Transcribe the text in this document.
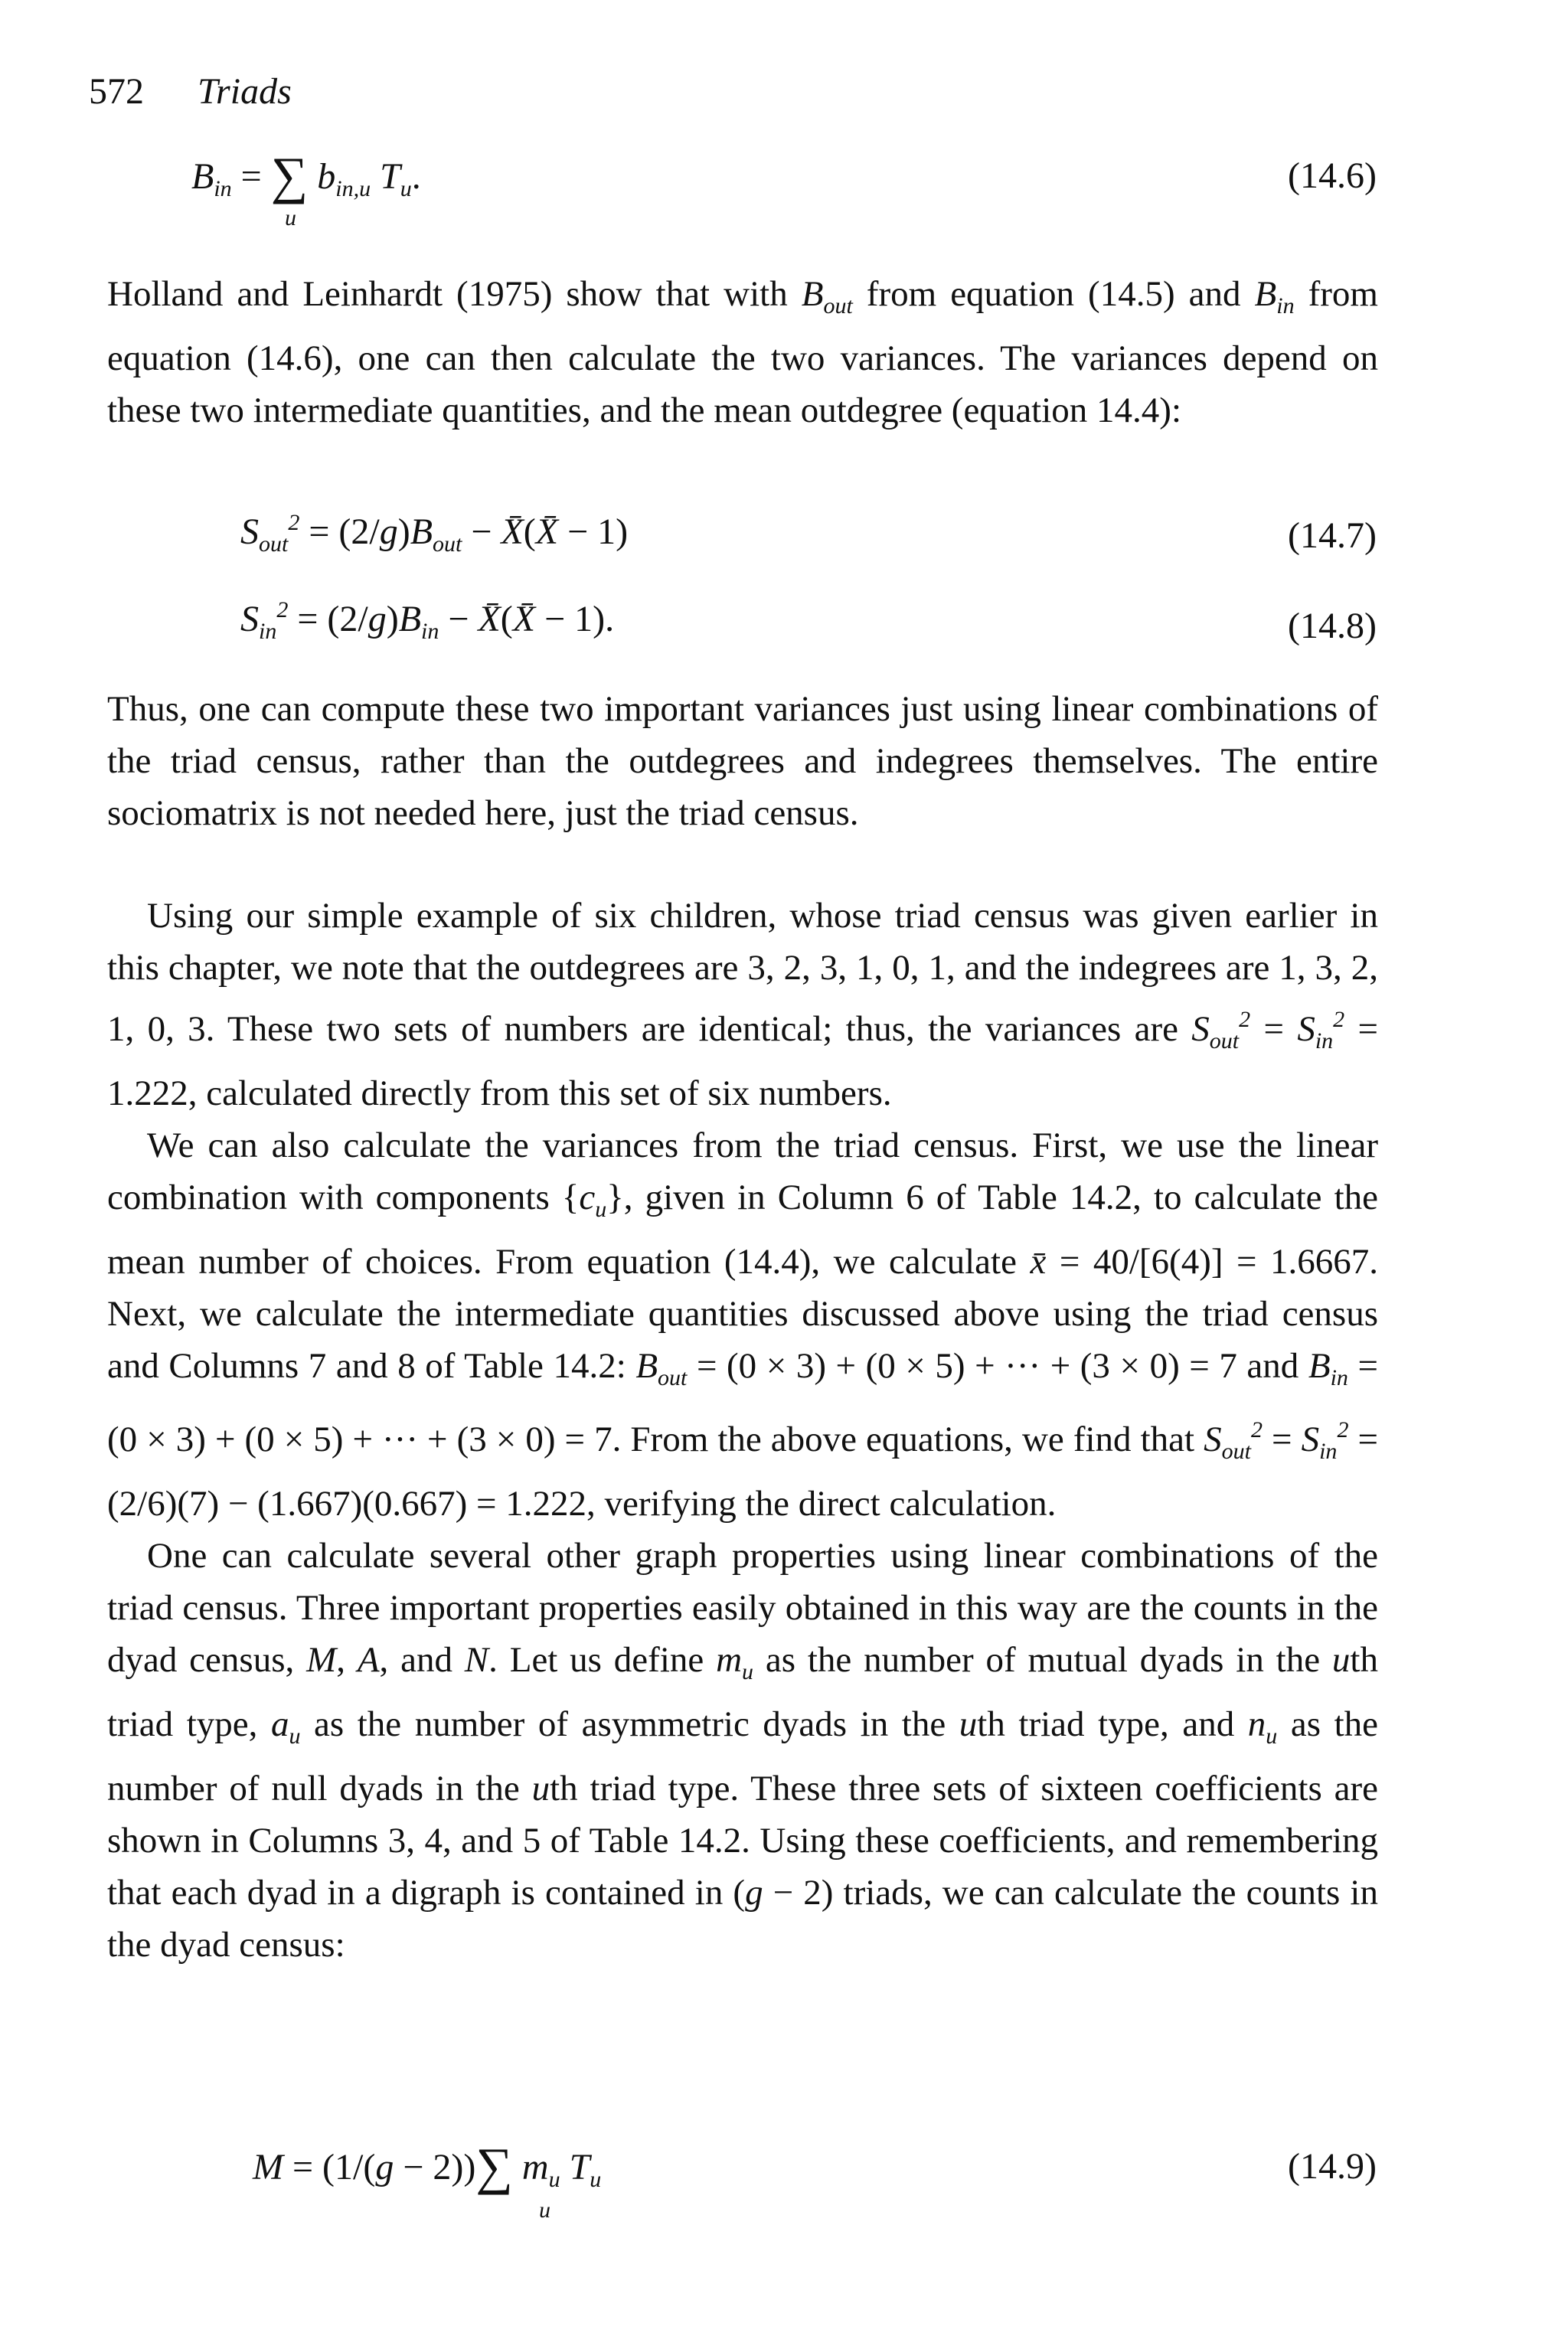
572 Triads
$B_{in}$ = ∑ $b_{in,u}$ $T_u$.
u
(14.6)

Holland and Leinhardt (1975) show that with $B_{out}$ from equation (14.5) and $B_{in}$ from equation (14.6), one can then calculate the two variances. The variances depend on these two intermediate quantities, and the mean outdegree (equation 14.4):

$S_{out}^2 = (2/g)B_{out}$ − X̄(X̄ − 1)	(14.7)
$S_{in}^2 = (2/g)B_{in}$ − X̄(X̄ − 1).	(14.8)

Thus, one can compute these two important variances just using linear combinations of the triad census, rather than the outdegrees and indegrees themselves. The entire sociomatrix is not needed here, just the triad census.

Using our simple example of six children, whose triad census was given earlier in this chapter, we note that the outdegrees are 3, 2, 3, 1, 0, 1, and the indegrees are 1, 3, 2, 1, 0, 3. These two sets of numbers are identical; thus, the variances are $S_{out}^2 = S_{in}^2 = 1.222$, calculated directly from this set of six numbers.

We can also calculate the variances from the triad census. First, we use the linear combination with components $\{c_u\}$, given in Column 6 of Table 14.2, to calculate the mean number of choices. From equation (14.4), we calculate x̄ = 40/[6(4)] = 1.6667. Next, we calculate the intermediate quantities discussed above using the triad census and Columns 7 and 8 of Table 14.2: $B_{out} = (0 \times 3) + (0 \times 5)$ + ··· + (3 × 0) = 7 and $B_{in} = (0 \times 3) + (0 \times 5)$ + ··· + (3 × 0) = 7. From the above equations, we find that $S_{out}^2 = S_{in}^2 = (2/6)(7) - (1.667)(0.667) = 1.222$, verifying the direct calculation.

One can calculate several other graph properties using linear combinations of the triad census. Three important properties easily obtained in this way are the counts in the dyad census, M, A, and N. Let us define $m_u$ as the number of mutual dyads in the uth triad type, $a_u$ as the number of asymmetric dyads in the uth triad type, and $n_u$ as the number of null dyads in the uth triad type. These three sets of sixteen coefficients are shown in Columns 3, 4, and 5 of Table 14.2. Using these coefficients, and remembering that each dyad in a digraph is contained in (g − 2) triads, we can calculate the counts in the dyad census:

M = (1/(g − 2))∑ $m_u$ $T_u$
u
(14.9)
